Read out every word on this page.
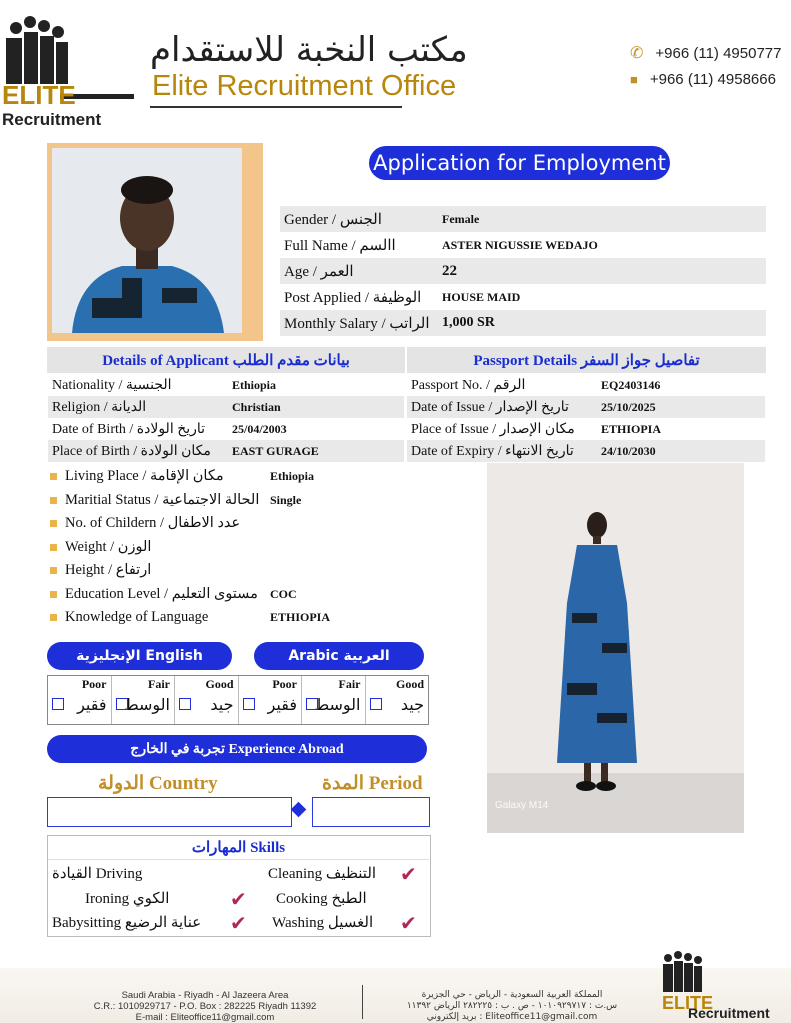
ELITE
Recruitment
مكتب النخبة للاستقدام
Elite Recruitment Office
✆ +966 (11) 4950777
■ +966 (11) 4958666
Application for Employment
Gender / الجنس	Female
Full Name / االسم	ASTER NIGUSSIE WEDAJO
Age / العمر	22
Post Applied / الوظيفة	HOUSE MAID
Monthly Salary / الراتب	1,000 SR
Details of Applicant بيانات مقدم الطلب	Passport Details تفاصيل جواز السفر
Nationality / الجنسية	Ethiopia
Religion / الديانة	Christian
Date of Birth / تاريخ الولادة	25/04/2003
Place of Birth / مكان الولادة	EAST GURAGE
Passport No. / الرقم	EQ2403146
Date of Issue / تاريخ الإصدار	25/10/2025
Place of Issue / مكان الإصدار	ETHIOPIA
Date of Expiry / تاريخ الانتهاء	24/10/2030
Living Place / مكان الإقامة	Ethiopia
Maritial Status / الحالة الاجتماعية Single
No. of Childern / عدد الاطفال
Weight / الوزن
Height / ارتفاع
Education Level / مستوى التعليم	COC
Knowledge of Language	ETHIOPIA
الإنجليزية English	Arabic العربية
Poor
فقير
Fair
الوسط
Good
جيد
Poor
فقير
Fair
الوسط
Good
جيد
تجربة في الخارج Experience Abroad
الدولة Country	المدة Period
المهارات Skills
القيادة Driving	Cleaning التنظيف ✔
Ironing الكوي	✔ Cooking الطبخ
Babysitting عناية الرضيع ✔ Washing الغسيل ✔
Galaxy M14
Saudi Arabia - Riyadh - Al Jazeera Area
C.R.: 1010929717 - P.O. Box : 282225 Riyadh 11392
E-mail : Eliteoffice11@gmail.com
المملكة العربية السعودية - الرياض - حي الجزيرة
س.ت : ١٠١٠٩٢٩٧١٧ - ص . ب : ٢٨٢٢٢٥ الرياض ١١٣٩٢
بريد إلكتروني : Eliteoffice11@gmail.com
ELITE
Recruitment
